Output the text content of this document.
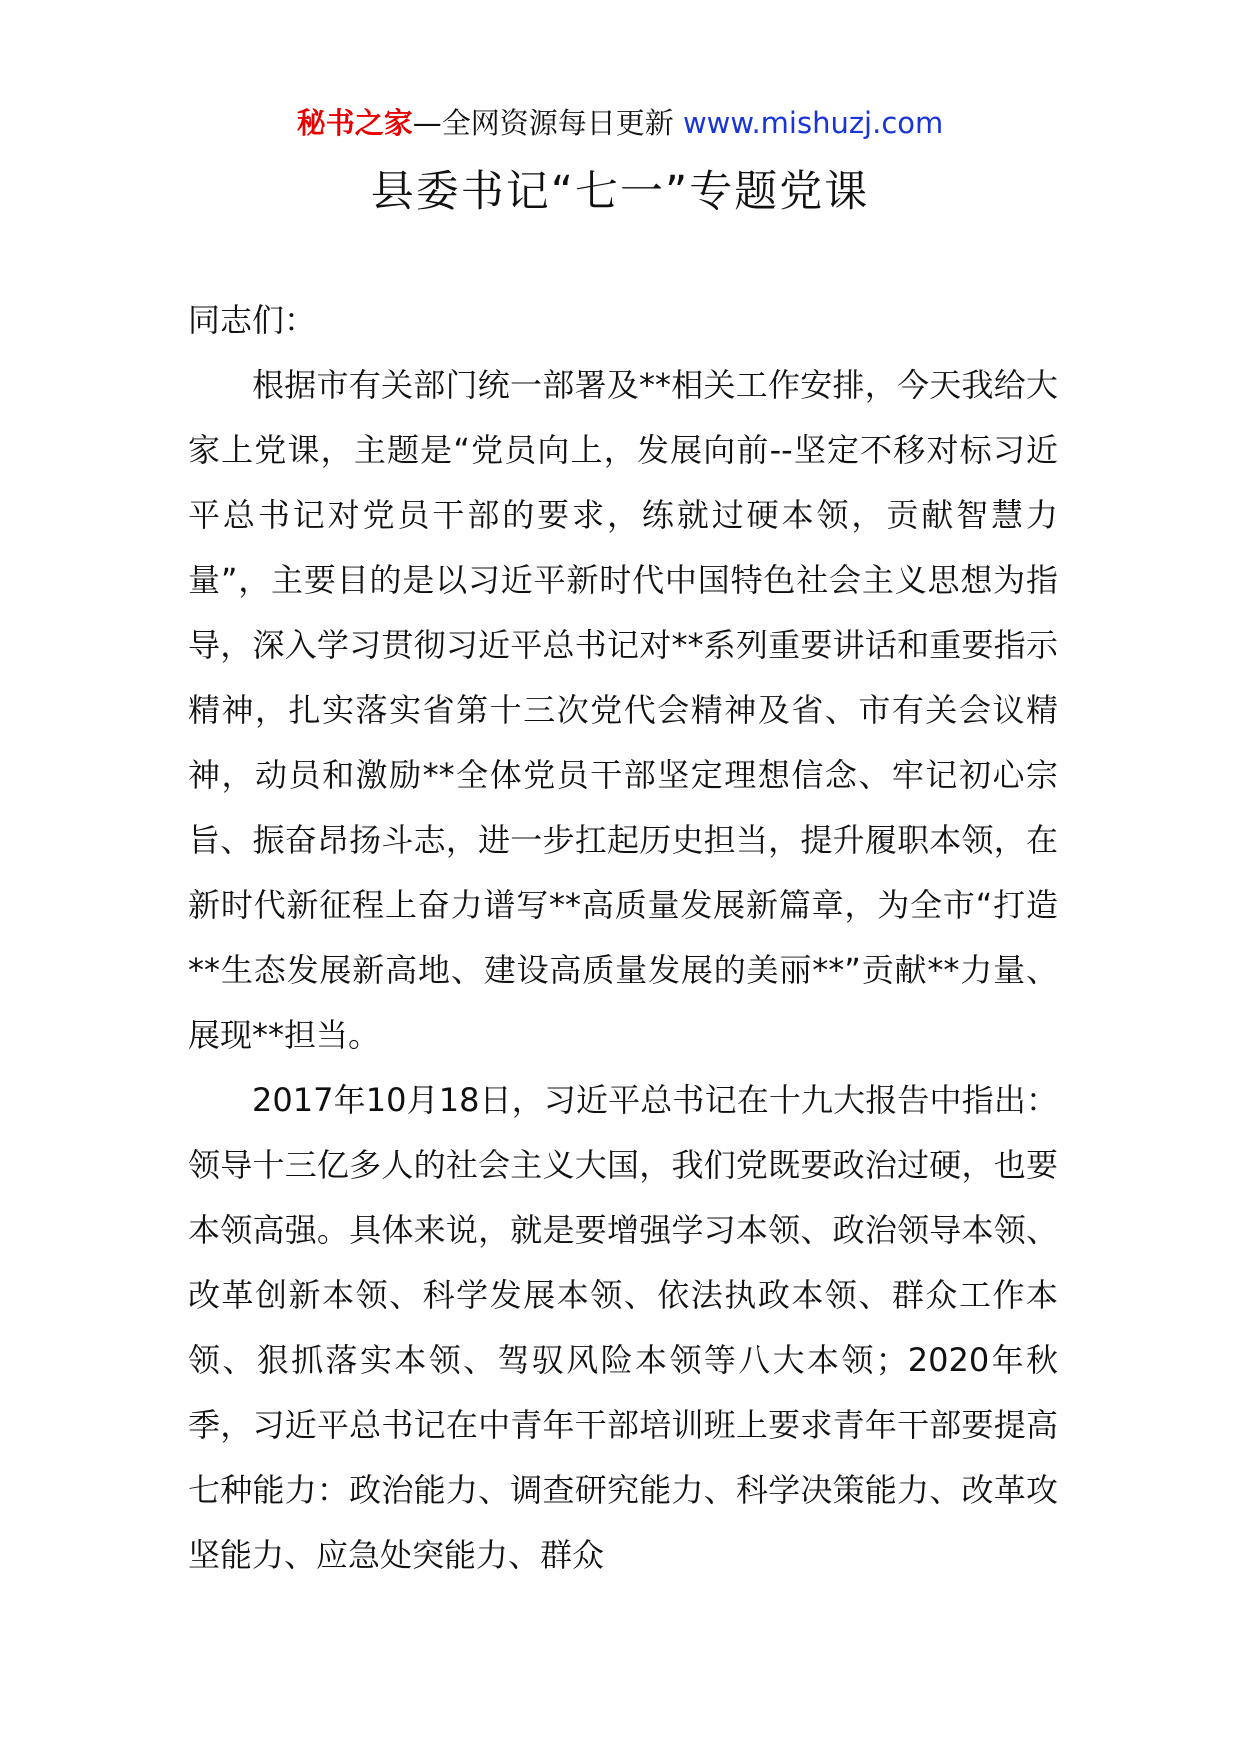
秘书之家—全网资源每日更新 www.mishuzj.com
县委书记“七一”专题党课

同志们：

根据市有关部门统一部署及**相关工作安排，今天我给大家上党课，主题是“党员向上，发展向前--坚定不移对标习近平总书记对党员干部的要求，练就过硬本领，贡献智慧力量”，主要目的是以习近平新时代中国特色社会主义思想为指导，深入学习贯彻习近平总书记对**系列重要讲话和重要指示精神，扎实落实省第十三次党代会精神及省、市有关会议精神，动员和激励**全体党员干部坚定理想信念、牢记初心宗旨、振奋昂扬斗志，进一步扛起历史担当，提升履职本领，在新时代新征程上奋力谱写**高质量发展新篇章，为全市“打造**生态发展新高地、建设高质量发展的美丽**”贡献**力量、展现**担当。

2017年10月18日，习近平总书记在十九大报告中指出：领导十三亿多人的社会主义大国，我们党既要政治过硬，也要本领高强。具体来说，就是要增强学习本领、政治领导本领、改革创新本领、科学发展本领、依法执政本领、群众工作本领、狠抓落实本领、驾驭风险本领等八大本领；2020年秋季，习近平总书记在中青年干部培训班上要求青年干部要提高七种能力：政治能力、调查研究能力、科学决策能力、改革攻坚能力、应急处突能力、群众
